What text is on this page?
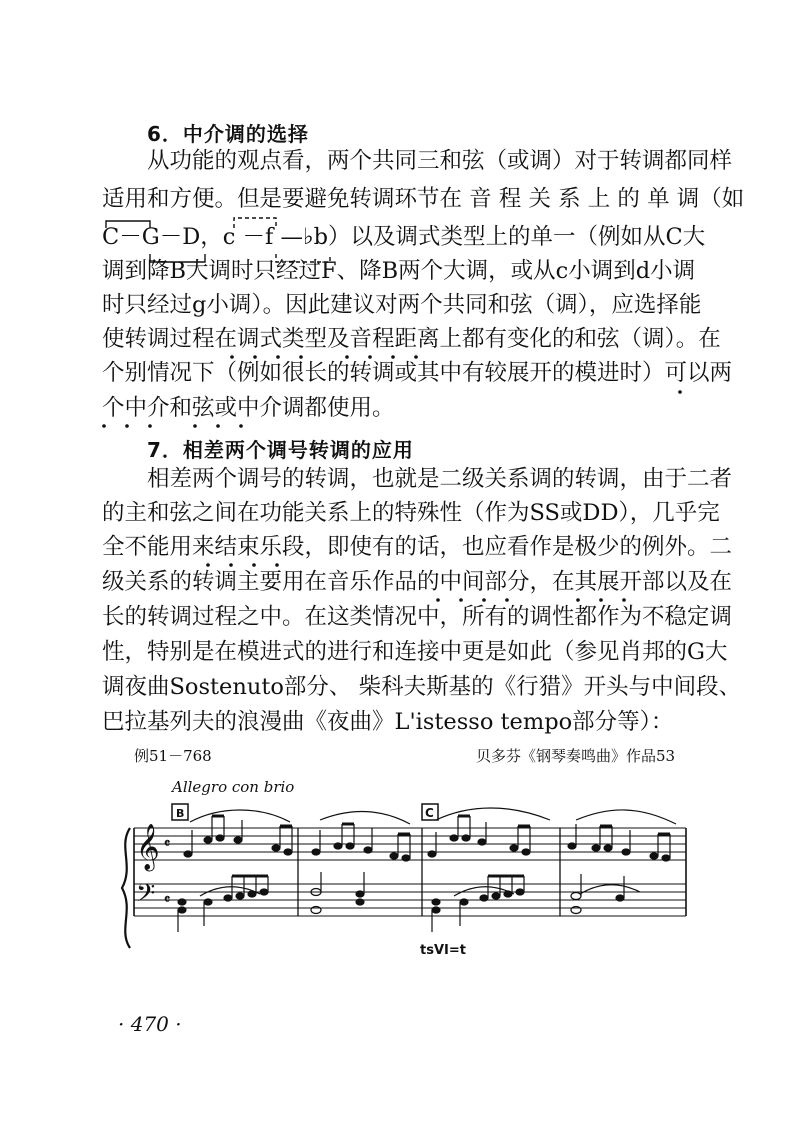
6．中介调的选择
从功能的观点看，两个共同三和弦（或调）对于转调都同样
适用和方便。但是要避免转调环节在 音 程 关 系 上 的 单 调（如
C－G－D，c －f —♭b）以及调式类型上的单一（例如从C大
调到降B大调时只经过F、降B两个大调，或从c小调到d小调
时只经过g小调）。因此建议对两个共同和弦（调），应选择能
使转调过程在调式类型及音程距离上都有变化的和弦（调）。在
个别情况下（例如很长的转调或其中有较展开的模进时）可以两
个中介和弦或中介调都使用。
7．相差两个调号转调的应用
相差两个调号的转调，也就是二级关系调的转调，由于二者
的主和弦之间在功能关系上的特殊性（作为SS或DD），几乎完
全不能用来结束乐段，即使有的话，也应看作是极少的例外。二
级关系的转调主要用在音乐作品的中间部分，在其展开部以及在
长的转调过程之中。在这类情况中，所有的调性都作为不稳定调
性，特别是在模进式的进行和连接中更是如此（参见肖邦的G大
调夜曲Sostenuto部分、 柴科夫斯基的《行猎》开头与中间段、
巴拉基列夫的浪漫曲《夜曲》L'istesso tempo部分等）：
例51－768	贝多芬《钢琴奏鸣曲》作品53
Allegro con brio
B	C
𝄞
𝄢
𝄴
𝄴
tsVI=t
· 470 ·
